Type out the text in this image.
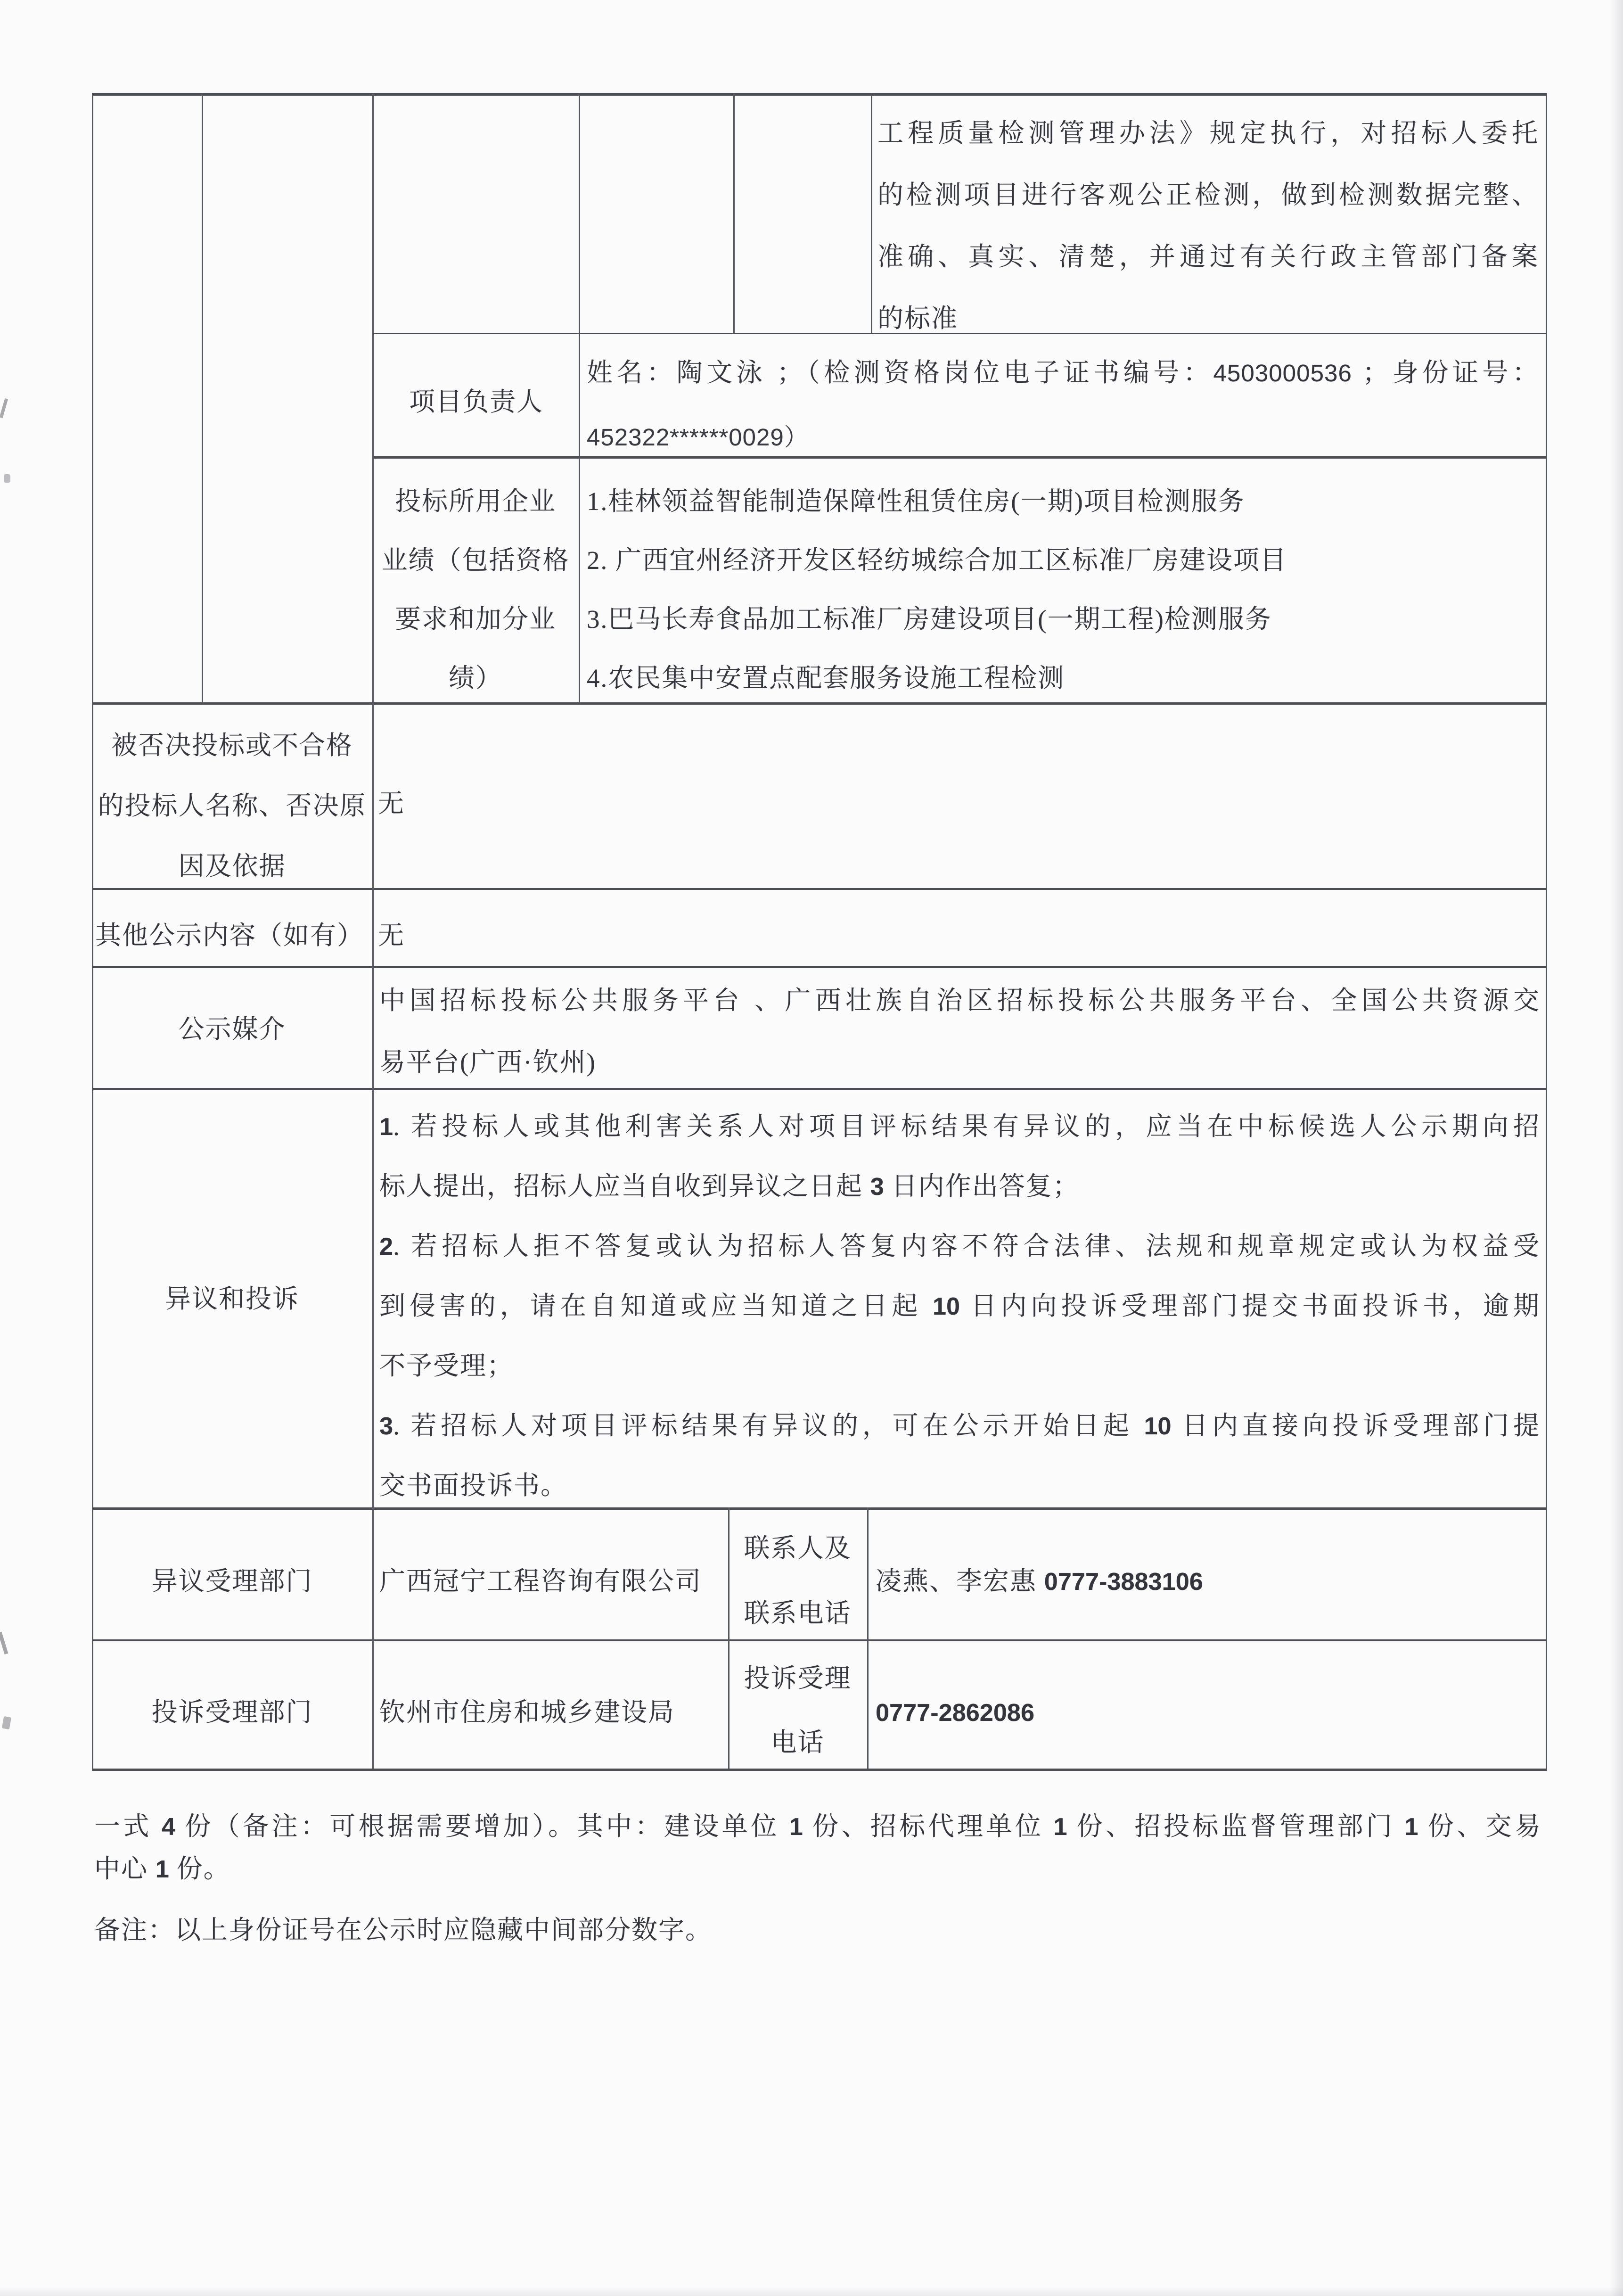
工程质量检测管理办法》规定执行，对招标人委托
的检测项目进行客观公正检测，做到检测数据完整、
准确、真实、清楚，并通过有关行政主管部门备案
的标准
项目负责人
姓名：陶文泳 ；（检测资格岗位电子证书编号：4503000536 ；身份证号：
452322******0029）
投标所用企业
业绩（包括资格
要求和加分业
绩）
1.桂林领益智能制造保障性租赁住房(一期)项目检测服务
2. 广西宜州经济开发区轻纺城综合加工区标准厂房建设项目
3.巴马长寿食品加工标准厂房建设项目(一期工程)检测服务
4.农民集中安置点配套服务设施工程检测
被否决投标或不合格
的投标人名称、否决原
因及依据
无
其他公示内容（如有） 无
公示媒介
中国招标投标公共服务平台 、广西壮族自治区招标投标公共服务平台、全国公共资源交
易平台(广西·钦州)
异议和投诉
1. 若投标人或其他利害关系人对项目评标结果有异议的，应当在中标候选人公示期向招
标人提出，招标人应当自收到异议之日起 3 日内作出答复；
2. 若招标人拒不答复或认为招标人答复内容不符合法律、法规和规章规定或认为权益受
到侵害的，请在自知道或应当知道之日起 10 日内向投诉受理部门提交书面投诉书，逾期
不予受理；
3. 若招标人对项目评标结果有异议的，可在公示开始日起 10 日内直接向投诉受理部门提
交书面投诉书。
异议受理部门	广西冠宁工程咨询有限公司
联系人及
联系电话
凌燕、李宏惠 0777-3883106
投诉受理部门	钦州市住房和城乡建设局
投诉受理
电话
0777-2862086
一式 4 份（备注：可根据需要增加）。其中：建设单位 1 份、招标代理单位 1 份、招投标监督管理部门 1 份、交易
中心 1 份。
备注：以上身份证号在公示时应隐藏中间部分数字。
